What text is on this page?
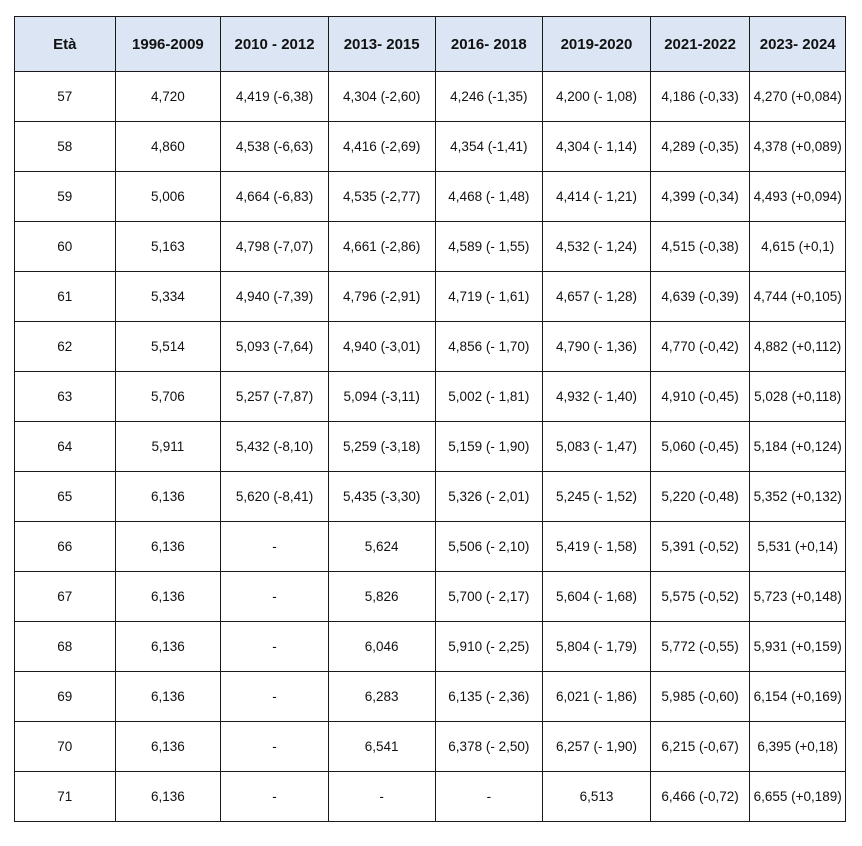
Età	1996-2009	2010 - 2012	2013- 2015	2016- 2018	2019-2020	2021-2022	2023- 2024
57	4,720	4,419 (-6,38)	4,304 (-2,60)	4,246 (-1,35)	4,200 (- 1,08)	4,186 (-0,33)	4,270 (+0,084)
58	4,860	4,538 (-6,63)	4,416 (-2,69)	4,354 (-1,41)	4,304 (- 1,14)	4,289 (-0,35)	4,378 (+0,089)
59	5,006	4,664 (-6,83)	4,535 (-2,77)	4,468 (- 1,48)	4,414 (- 1,21)	4,399 (-0,34)	4,493 (+0,094)
60	5,163	4,798 (-7,07)	4,661 (-2,86)	4,589 (- 1,55)	4,532 (- 1,24)	4,515 (-0,38)	4,615 (+0,1)
61	5,334	4,940 (-7,39)	4,796 (-2,91)	4,719 (- 1,61)	4,657 (- 1,28)	4,639 (-0,39)	4,744 (+0,105)
62	5,514	5,093 (-7,64)	4,940 (-3,01)	4,856 (- 1,70)	4,790 (- 1,36)	4,770 (-0,42)	4,882 (+0,112)
63	5,706	5,257 (-7,87)	5,094 (-3,11)	5,002 (- 1,81)	4,932 (- 1,40)	4,910 (-0,45)	5,028 (+0,118)
64	5,911	5,432 (-8,10)	5,259 (-3,18)	5,159 (- 1,90)	5,083 (- 1,47)	5,060 (-0,45)	5,184 (+0,124)
65	6,136	5,620 (-8,41)	5,435 (-3,30)	5,326 (- 2,01)	5,245 (- 1,52)	5,220 (-0,48)	5,352 (+0,132)
66	6,136	-	5,624	5,506 (- 2,10)	5,419 (- 1,58)	5,391 (-0,52)	5,531 (+0,14)
67	6,136	-	5,826	5,700 (- 2,17)	5,604 (- 1,68)	5,575 (-0,52)	5,723 (+0,148)
68	6,136	-	6,046	5,910 (- 2,25)	5,804 (- 1,79)	5,772 (-0,55)	5,931 (+0,159)
69	6,136	-	6,283	6,135 (- 2,36)	6,021 (- 1,86)	5,985 (-0,60)	6,154 (+0,169)
70	6,136	-	6,541	6,378 (- 2,50)	6,257 (- 1,90)	6,215 (-0,67)	6,395 (+0,18)
71	6,136	-	-	-	6,513	6,466 (-0,72)	6,655 (+0,189)
